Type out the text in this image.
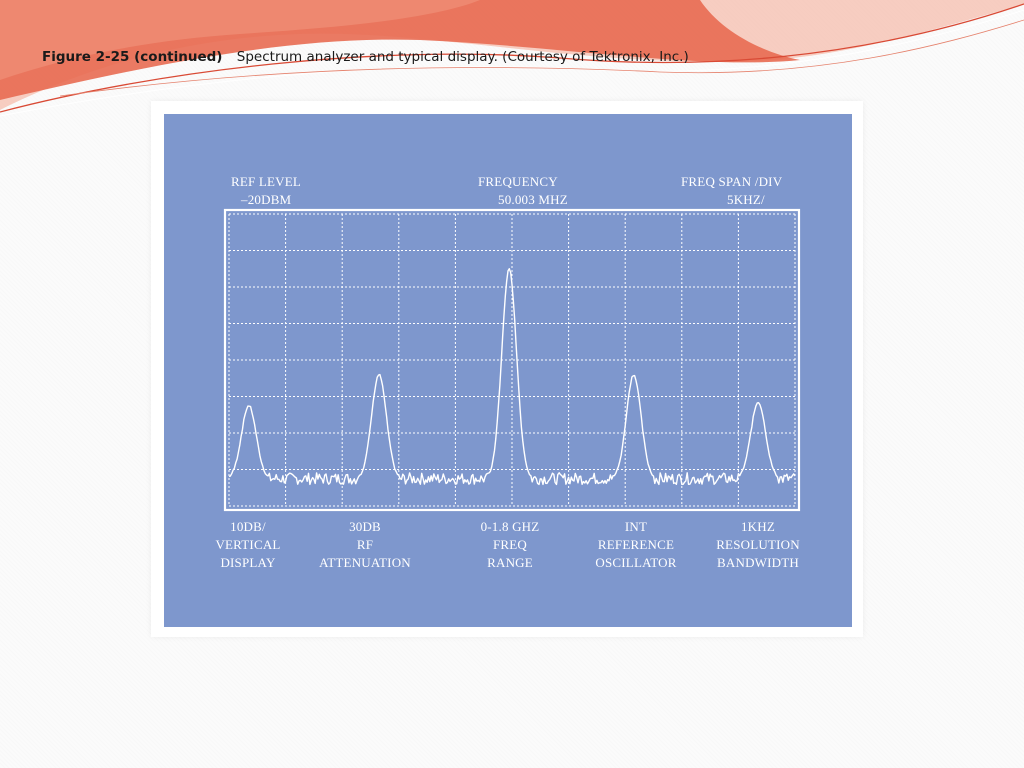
Figure 2-25 (continued) Spectrum analyzer and typical display. (Courtesy of Tektronix, Inc.)
REF LEVEL
–20DBM
FREQUENCY
50.003 MHZ
FREQ SPAN /DIV
5KHZ/
10DB/
VERTICAL
DISPLAY
30DB
RF
ATTENUATION
0-1.8 GHZ
FREQ
RANGE
INT
REFERENCE
OSCILLATOR
1KHZ
RESOLUTION
BANDWIDTH
